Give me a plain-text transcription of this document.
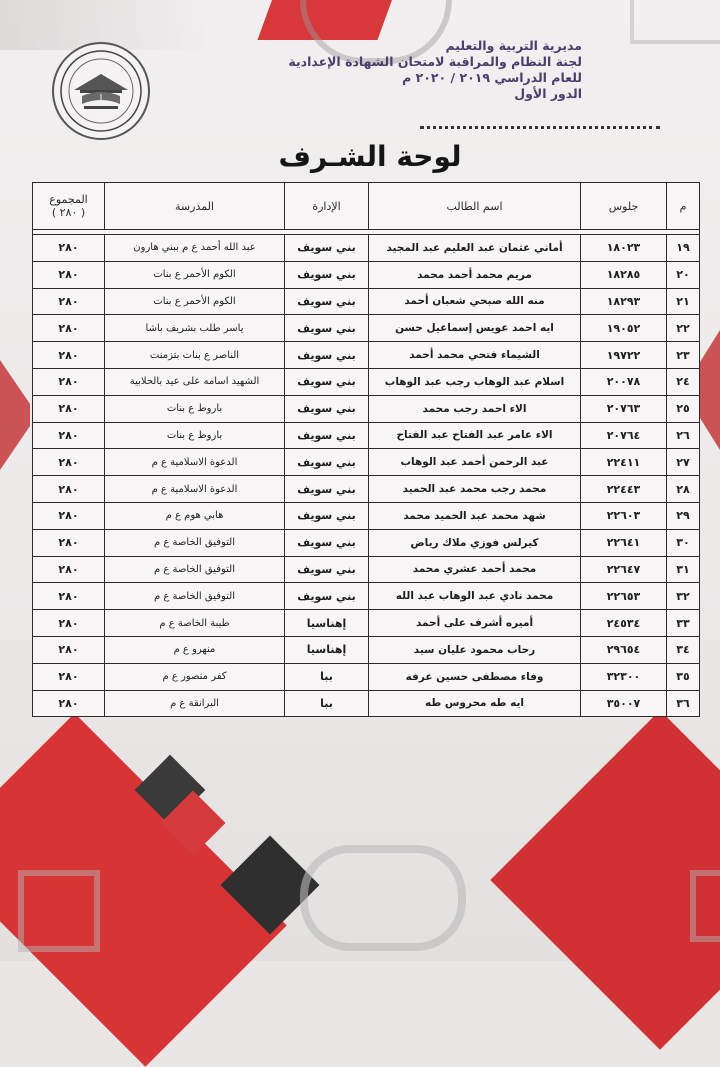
مديرية التربية والتعليم
لجنة النظام والمراقبة لامتحان الشهادة الإعدادية
للعام الدراسي ٢٠١٩ / ٢٠٢٠ م
الدور الأول
لوحة الشـرف
م	جلوس	اسم الطالب	الإدارة	المدرسة	المجموع
( ٢٨٠ )

١٩	١٨٠٢٣	أماني عثمان عبد العليم عبد المجيد	بني سويف	عبد الله أحمد ع م ببني هارون	٢٨٠
٢٠	١٨٢٨٥	مريم محمد أحمد محمد	بني سويف	الكوم الأحمر ع بنات	٢٨٠
٢١	١٨٢٩٣	منه الله صبحي شعبان أحمد	بني سويف	الكوم الأحمر ع بنات	٢٨٠
٢٢	١٩٠٥٢	ايه احمد عويس إسماعيل حسن	بني سويف	ياسر طلب بشريف باشا	٢٨٠
٢٣	١٩٧٢٢	الشيماء فتحي محمد أحمد	بني سويف	الناصر ع بنات بتزمنت	٢٨٠
٢٤	٢٠٠٧٨	اسلام عبد الوهاب رجب عبد الوهاب	بني سويف	الشهيد اسامه على عيد بالحلابية	٢٨٠
٢٥	٢٠٧٦٣	الاء احمد رجب محمد	بني سويف	باروط ع بنات	٢٨٠
٢٦	٢٠٧٦٤	الاء عامر عبد الفتاح عبد الفتاح	بني سويف	باروط ع بنات	٢٨٠
٢٧	٢٢٤١١	عبد الرحمن أحمد عبد الوهاب	بني سويف	الدعوة الاسلامية ع م	٢٨٠
٢٨	٢٢٤٤٣	محمد رجب محمد عبد الحميد	بني سويف	الدعوة الاسلامية ع م	٢٨٠
٢٩	٢٢٦٠٣	شهد محمد عبد الحميد محمد	بني سويف	هابي هوم ع م	٢٨٠
٣٠	٢٢٦٤١	كيرلس فوزي ملاك رياض	بني سويف	التوفيق الخاصة ع م	٢٨٠
٣١	٢٢٦٤٧	محمد أحمد عشري محمد	بني سويف	التوفيق الخاصة ع م	٢٨٠
٣٢	٢٢٦٥٣	محمد نادي عبد الوهاب عبد الله	بني سويف	التوفيق الخاصة ع م	٢٨٠
٣٣	٢٤٥٣٤	أميره أشرف على أحمد	إهناسيا	طيبة الخاصة ع م	٢٨٠
٣٤	٢٩٦٥٤	رحاب محمود عليان سيد	إهناسيا	منهرو ع م	٢٨٠
٣٥	٣٢٣٠٠	وفاء مصطفى حسين عرفه	ببا	كفر منصور ع م	٢٨٠
٣٦	٣٥٠٠٧	ايه طه محروس طه	ببا	البرانقة ع م	٢٨٠
